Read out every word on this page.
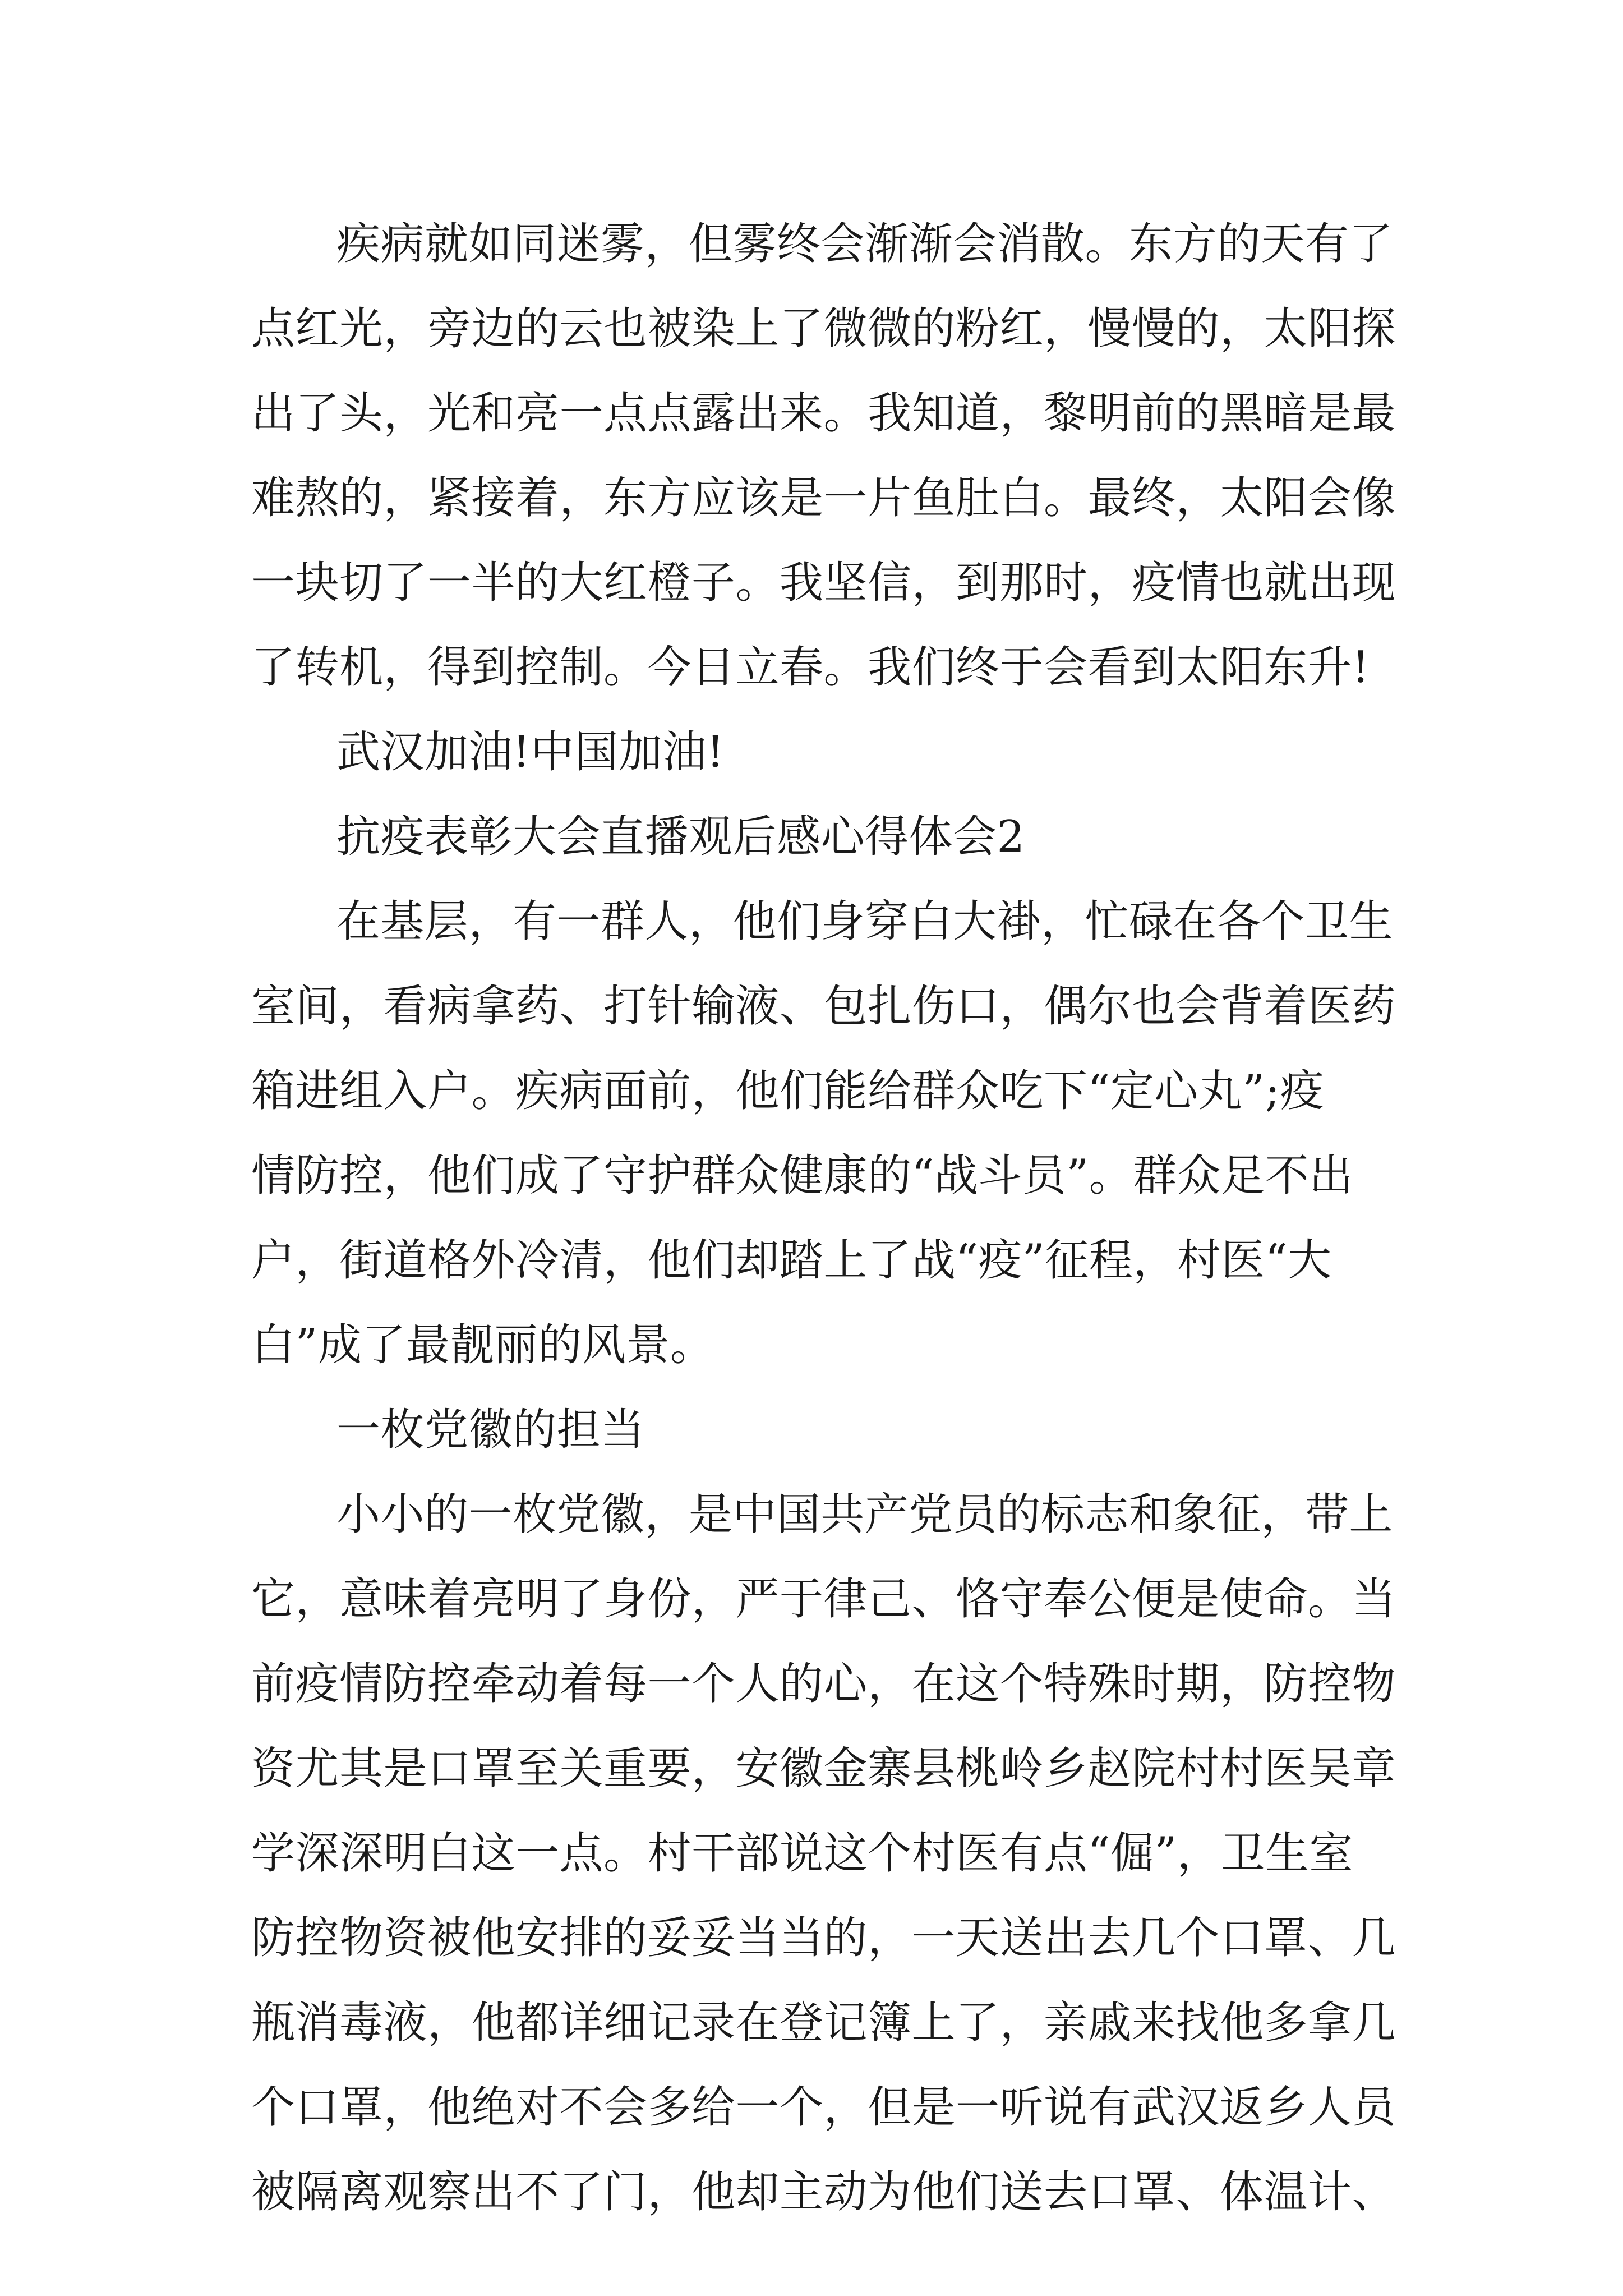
疾病就如同迷雾，但雾终会渐渐会消散。东方的天有了
点红光，旁边的云也被染上了微微的粉红，慢慢的，太阳探
出了头，光和亮一点点露出来。我知道，黎明前的黑暗是最
难熬的，紧接着，东方应该是一片鱼肚白。最终，太阳会像
一块切了一半的大红橙子。我坚信，到那时，疫情也就出现
了转机，得到控制。今日立春。我们终于会看到太阳东升!
武汉加油!中国加油!
抗疫表彰大会直播观后感心得体会2
在基层，有一群人，他们身穿白大褂，忙碌在各个卫生
室间，看病拿药、打针输液、包扎伤口，偶尔也会背着医药
箱进组入户。疾病面前，他们能给群众吃下“定心丸”;疫
情防控，他们成了守护群众健康的“战斗员”。群众足不出
户，街道格外冷清，他们却踏上了战“疫”征程，村医“大
白”成了最靓丽的风景。
一枚党徽的担当
小小的一枚党徽，是中国共产党员的标志和象征，带上
它，意味着亮明了身份，严于律己、恪守奉公便是使命。当
前疫情防控牵动着每一个人的心，在这个特殊时期，防控物
资尤其是口罩至关重要，安徽金寨县桃岭乡赵院村村医吴章
学深深明白这一点。村干部说这个村医有点“倔”，卫生室
防控物资被他安排的妥妥当当的，一天送出去几个口罩、几
瓶消毒液，他都详细记录在登记簿上了，亲戚来找他多拿几
个口罩，他绝对不会多给一个，但是一听说有武汉返乡人员
被隔离观察出不了门，他却主动为他们送去口罩、体温计、
